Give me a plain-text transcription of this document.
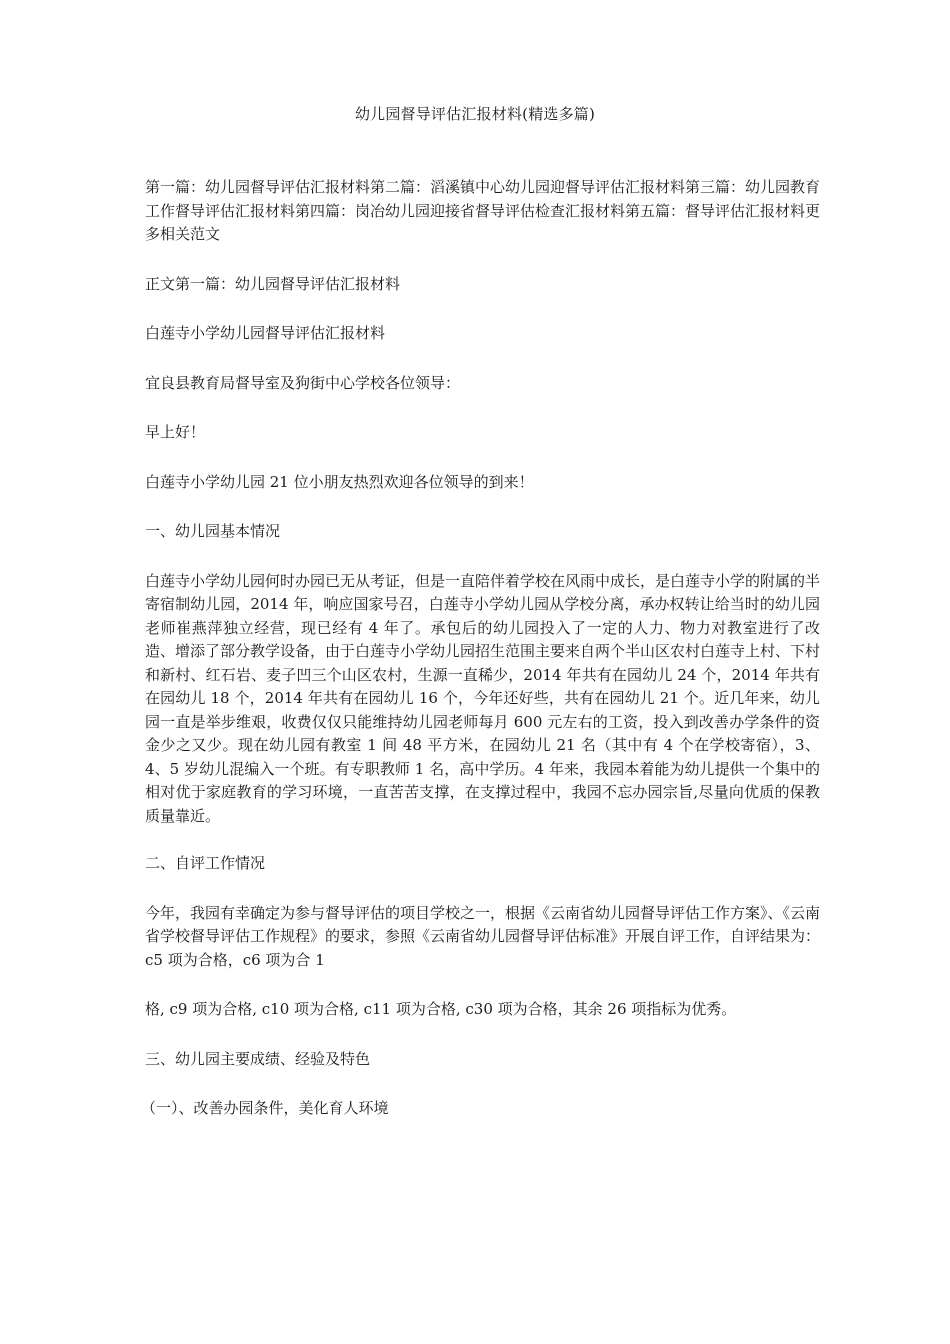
幼儿园督导评估汇报材料(精选多篇)

第一篇：幼儿园督导评估汇报材料第二篇：滔溪镇中心幼儿园迎督导评估汇报材料第三篇：幼儿园教育工作督导评估汇报材料第四篇：岗冶幼儿园迎接省督导评估检查汇报材料第五篇：督导评估汇报材料更多相关范文

正文第一篇：幼儿园督导评估汇报材料

白莲寺小学幼儿园督导评估汇报材料

宜良县教育局督导室及狗街中心学校各位领导：

早上好！

白莲寺小学幼儿园 21 位小朋友热烈欢迎各位领导的到来！

一、幼儿园基本情况

白莲寺小学幼儿园何时办园已无从考证，但是一直陪伴着学校在风雨中成长，是白莲寺小学的附属的半寄宿制幼儿园，2014 年，响应国家号召，白莲寺小学幼儿园从学校分离，承办权转让给当时的幼儿园老师崔燕萍独立经营，现已经有 4 年了。承包后的幼儿园投入了一定的人力、物力对教室进行了改造、增添了部分教学设备，由于白莲寺小学幼儿园招生范围主要来自两个半山区农村白莲寺上村、下村和新村、红石岩、麦子凹三个山区农村，生源一直稀少，2014 年共有在园幼儿 24 个，2014 年共有在园幼儿 18 个，2014 年共有在园幼儿 16 个，今年还好些，共有在园幼儿 21 个。近几年来，幼儿园一直是举步维艰，收费仅仅只能维持幼儿园老师每月 600 元左右的工资，投入到改善办学条件的资金少之又少。现在幼儿园有教室 1 间 48 平方米，在园幼儿 21 名（其中有 4 个在学校寄宿），3、4、5 岁幼儿混编入一个班。有专职教师 1 名，高中学历。4 年来，我园本着能为幼儿提供一个集中的相对优于家庭教育的学习环境，一直苦苦支撑，在支撑过程中，我园不忘办园宗旨,尽量向优质的保教质量靠近。

二、自评工作情况

今年，我园有幸确定为参与督导评估的项目学校之一，根据《云南省幼儿园督导评估工作方案》、《云南省学校督导评估工作规程》的要求，参照《云南省幼儿园督导评估标准》开展自评工作，自评结果为：c5 项为合格，c6 项为合 1

格, c9 项为合格, c10 项为合格, c11 项为合格, c30 项为合格，其余 26 项指标为优秀。

三、幼儿园主要成绩、经验及特色

（一）、改善办园条件，美化育人环境
